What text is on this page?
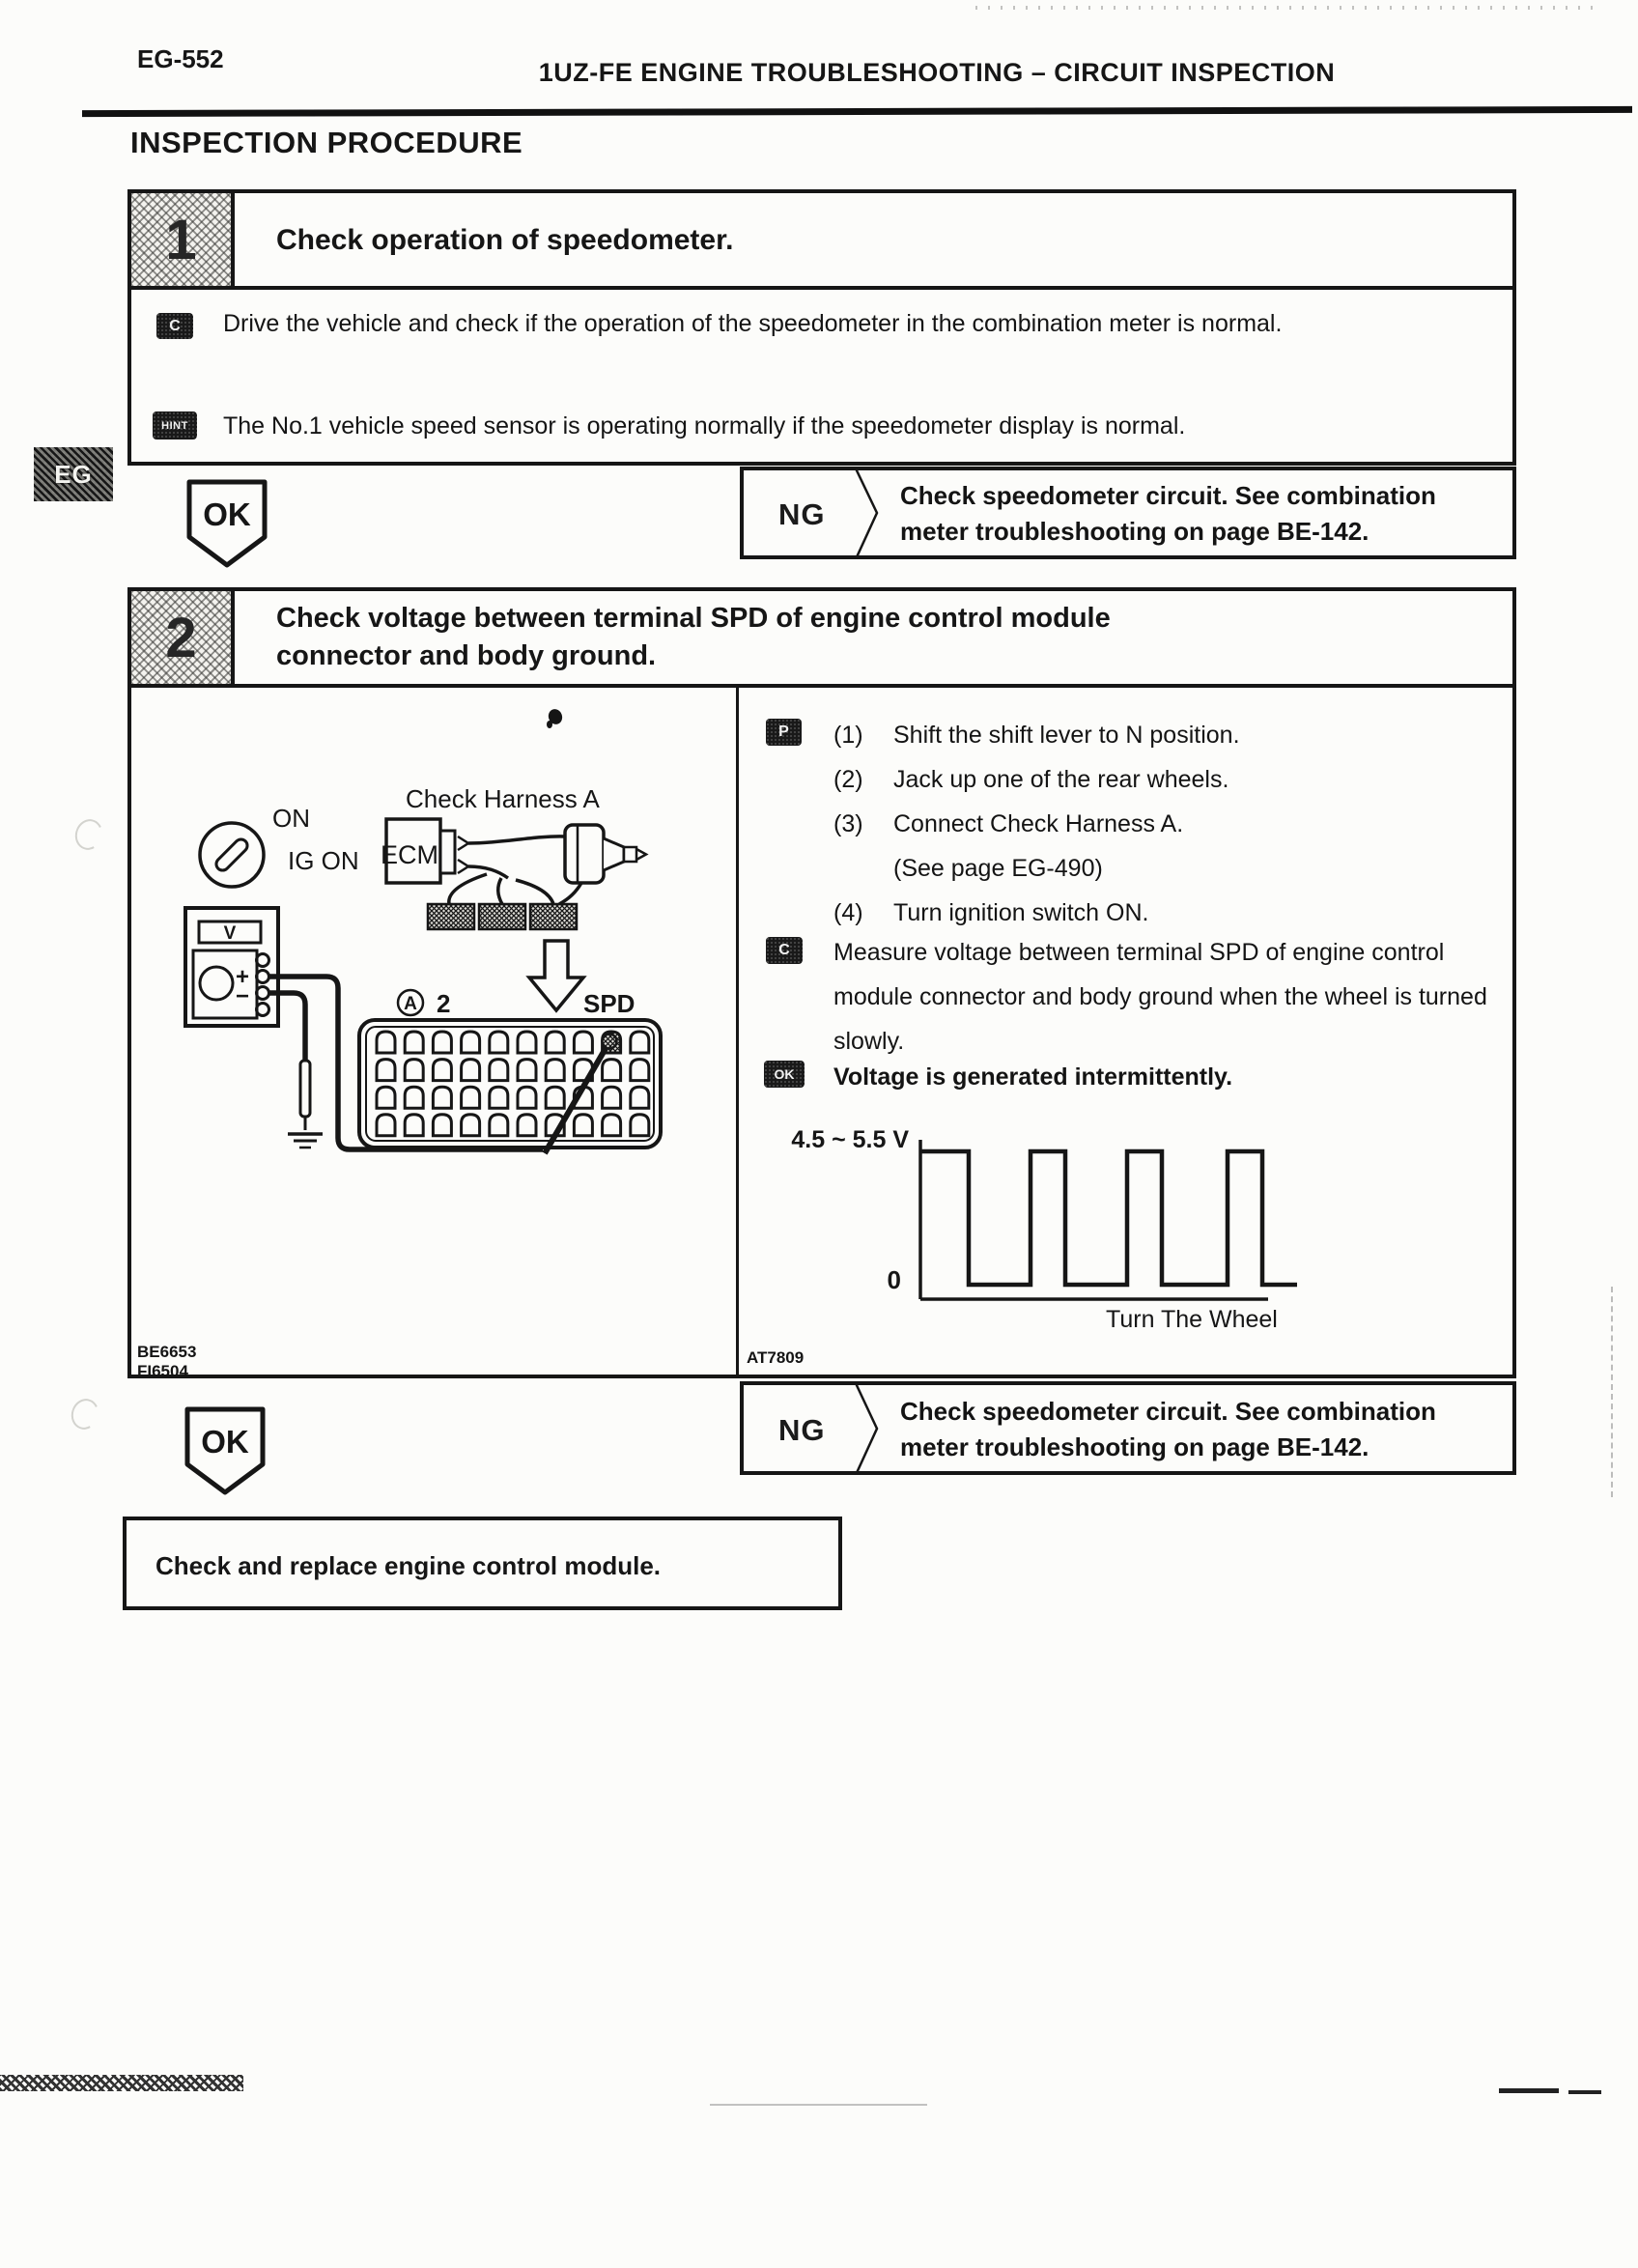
EG-552	1UZ-FE ENGINE TROUBLESHOOTING – CIRCUIT INSPECTION
INSPECTION PROCEDURE
EG
1	Check operation of speedometer.
C	Drive the vehicle and check if the operation of the speedometer in the combination meter is normal.
HINT	The No.1 vehicle speed sensor is operating normally if the speedometer display is normal.
OK	NG
Check speedometer circuit. See combination
meter troubleshooting on page BE-142.
2	Check voltage between terminal SPD of engine control module
connector and body ground.
ON
IG ON
Check Harness A
ECM
V
+
−	A 2	SPD
BE6653
FI6504
P	(1)	Shift the shift lever to N position.
(2)	Jack up one of the rear wheels.
(3)	Connect Check Harness A.
(See page EG-490)
(4)	Turn ignition switch ON.
C	Measure voltage between terminal SPD of engine control module connector and body ground when the wheel is turned slowly.
OK	Voltage is generated intermittently.
4.5 ~ 5.5 V
0
Turn The Wheel
AT7809
OK	NG
Check speedometer circuit. See combination
meter troubleshooting on page BE-142.
Check and replace engine control module.
